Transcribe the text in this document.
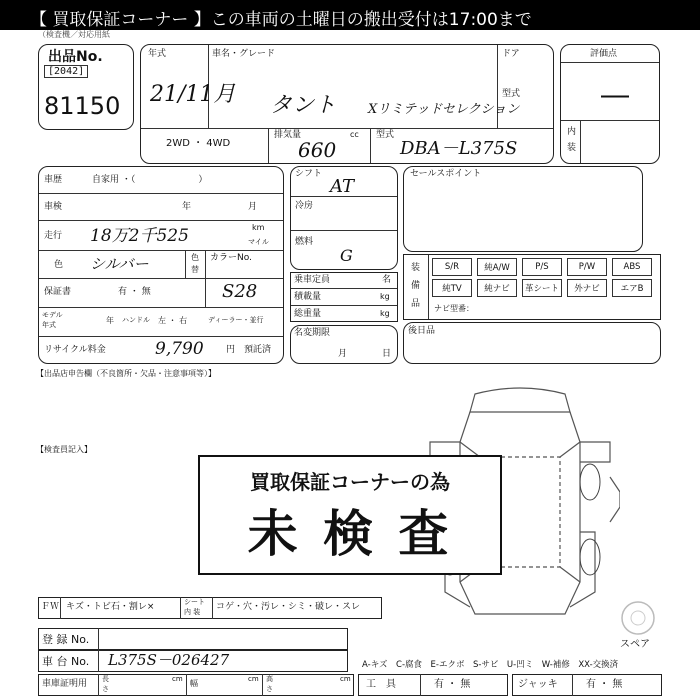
【 買取保証コーナー 】この車両の土曜日の搬出受付は17:00まで
（検査機／対応用紙
出品No.
[2042]
81150
年式
21/11月
車名・グレード
タント Xリミテッドセレクション
ドア
型式
2WD ・ 4WD
排気量	cc
660
型式
DBA－L375S
評価点
―
内
装
車歴	自家用 ・（　　　　　　　）
車検	年	月
走行 18万2千525	km
マイル
色 シルバー	色
替
カラーNo.
保証書	有 ・ 無	S28
モデル
年式	年 ハンドル 左 ・ 右	ディーラー・並行
リサイクル料金	9,790 円 預託済
シフト
AT
冷房
燃料
G
乗車定員	名
積載量	kg
総重量	kg
名変期限
月	日
セールスポイント
装
備
品
S/R	純A/W	P/S	P/W	ABS
純TV	純ナビ	革シート	外ナビ	エアB
ナビ型番：
後日品
【出品店申告欄（不良箇所・欠品・注意事項等）】
【検査員記入】
買取保証コーナーの為
未 検 査
ＦＷ キズ・トビ石・割レ×	シート
内 装 コゲ・穴・汚レ・シミ・破レ・スレ
スペア
登 録 No.
車 台 No. L375S－026427	A-キズ　C-腐食　E-エクボ　S-サビ　U-凹ミ　W-補修　XX-交換済
車庫証明用 長
さ
cm 幅	cm 高
さ
cm 工　具	有 ・ 無	ジャッキ	有 ・ 無
